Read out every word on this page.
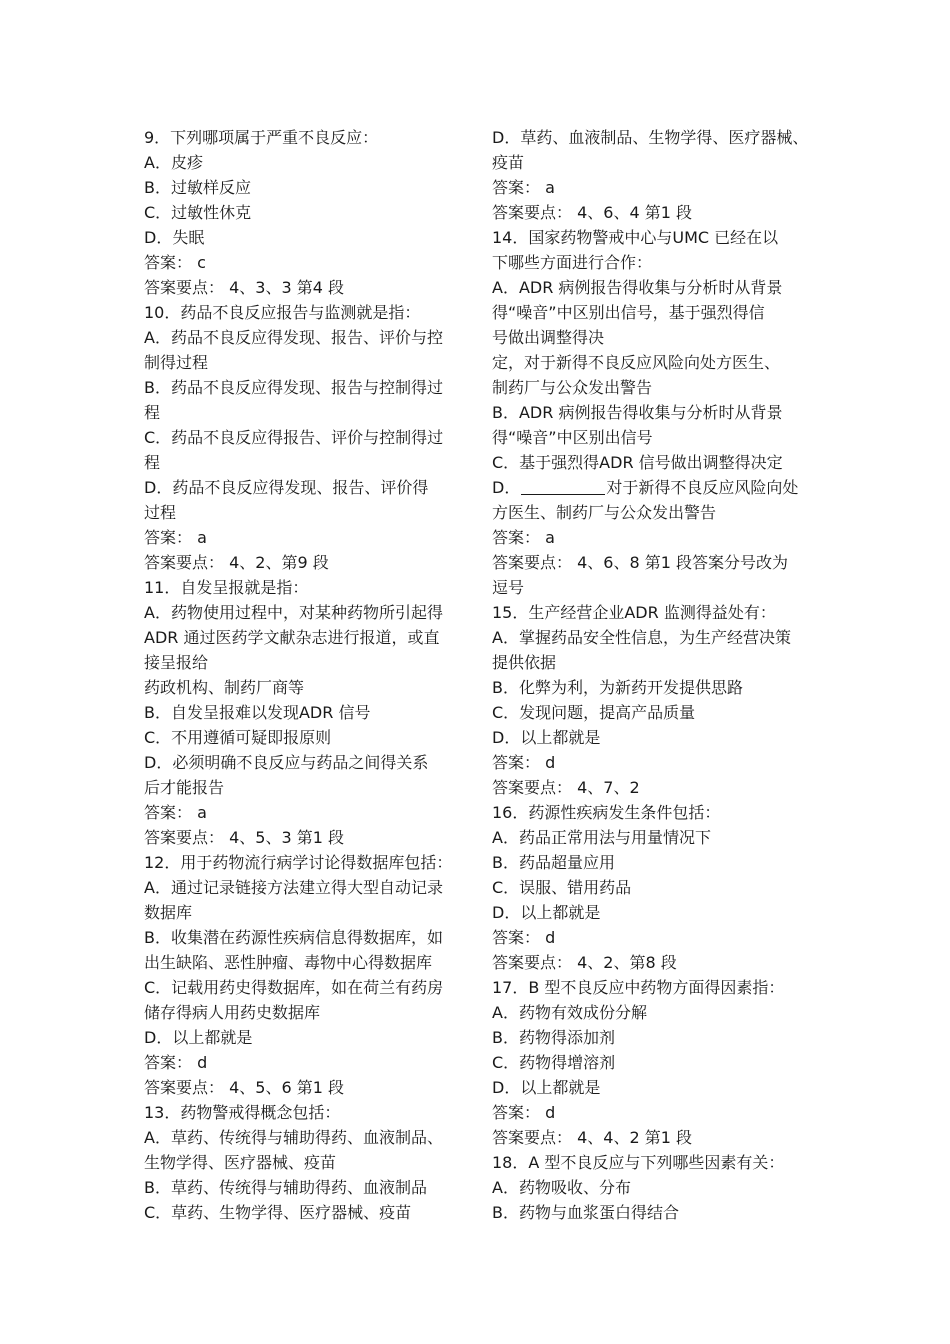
9．下列哪项属于严重不良反应：
A．皮疹
B．过敏样反应
C．过敏性休克
D．失眠
答案： c
答案要点： 4、3、3 第4 段
10．药品不良反应报告与监测就是指：
A．药品不良反应得发现、报告、评价与控
制得过程
B．药品不良反应得发现、报告与控制得过
程
C．药品不良反应得报告、评价与控制得过
程
D．药品不良反应得发现、报告、评价得
过程
答案： a
答案要点： 4、2、第9 段
11．自发呈报就是指：
A．药物使用过程中，对某种药物所引起得
ADR 通过医药学文献杂志进行报道，或直
接呈报给
药政机构、制药厂商等
B．自发呈报难以发现ADR 信号
C．不用遵循可疑即报原则
D．必须明确不良反应与药品之间得关系
后才能报告
答案： a
答案要点： 4、5、3 第1 段
12．用于药物流行病学讨论得数据库包括：
A．通过记录链接方法建立得大型自动记录
数据库
B．收集潜在药源性疾病信息得数据库，如
出生缺陷、恶性肿瘤、毒物中心得数据库
C．记载用药史得数据库，如在荷兰有药房
储存得病人用药史数据库
D．以上都就是
答案： d
答案要点： 4、5、6 第1 段
13．药物警戒得概念包括：
A．草药、传统得与辅助得药、血液制品、
生物学得、医疗器械、疫苗
B．草药、传统得与辅助得药、血液制品
C．草药、生物学得、医疗器械、疫苗
D．草药、血液制品、生物学得、医疗器械、
疫苗
答案： a
答案要点： 4、6、4 第1 段
14．国家药物警戒中心与UMC 已经在以
下哪些方面进行合作：
A．ADR 病例报告得收集与分析时从背景
得“噪音”中区别出信号，基于强烈得信
号做出调整得决
定，对于新得不良反应风险向处方医生、
制药厂与公众发出警告
B．ADR 病例报告得收集与分析时从背景
得“噪音”中区别出信号
C．基于强烈得ADR 信号做出调整得决定
D．	对于新得不良反应风险向处
方医生、制药厂与公众发出警告
答案： a
答案要点： 4、6、8 第1 段答案分号改为
逗号
15．生产经营企业ADR 监测得益处有：
A．掌握药品安全性信息，为生产经营决策
提供依据
B．化弊为利，为新药开发提供思路
C．发现问题，提高产品质量
D．以上都就是
答案： d
答案要点： 4、7、2
16．药源性疾病发生条件包括：
A．药品正常用法与用量情况下
B．药品超量应用
C．误服、错用药品
D．以上都就是
答案： d
答案要点： 4、2、第8 段
17．B 型不良反应中药物方面得因素指：
A．药物有效成份分解
B．药物得添加剂
C．药物得增溶剂
D．以上都就是
答案： d
答案要点： 4、4、2 第1 段
18．A 型不良反应与下列哪些因素有关：
A．药物吸收、分布
B．药物与血浆蛋白得结合
